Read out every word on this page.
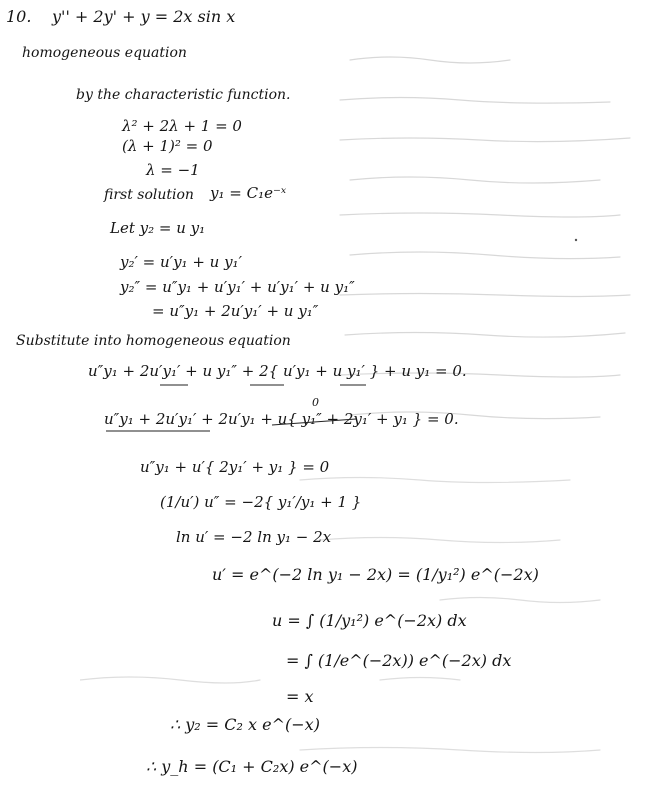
10. y'' + 2y' + y = 2x sin x
homogeneous equation
by the characteristic function.
λ² + 2λ + 1 = 0
(λ + 1)² = 0
λ = −1
first solution y₁ = C₁e⁻ˣ
Let y₂ = u y₁
y₂′ = u′y₁ + u y₁′
y₂″ = u″y₁ + u′y₁′ + u′y₁′ + u y₁″
= u″y₁ + 2u′y₁′ + u y₁″
Substitute into homogeneous equation
u″y₁ + 2u′y₁′ + u y₁″ + 2{ u′y₁ + u y₁′ } + u y₁ = 0.
u″y₁ + 2u′y₁′ + 2u′y₁ + u{ y₁″ + 2y₁′ + y₁ } = 0.
0
u″y₁ + u′{ 2y₁′ + y₁ } = 0
(1/u′) u″ = −2{ y₁′/y₁ + 1 }
ln u′ = −2 ln y₁ − 2x
u′ = e^(−2 ln y₁ − 2x) = (1/y₁²) e^(−2x)
u = ∫ (1/y₁²) e^(−2x) dx
= ∫ (1/e^(−2x)) e^(−2x) dx
= x
∴ y₂ = C₂ x e^(−x)
∴ y_h = (C₁ + C₂x) e^(−x)
